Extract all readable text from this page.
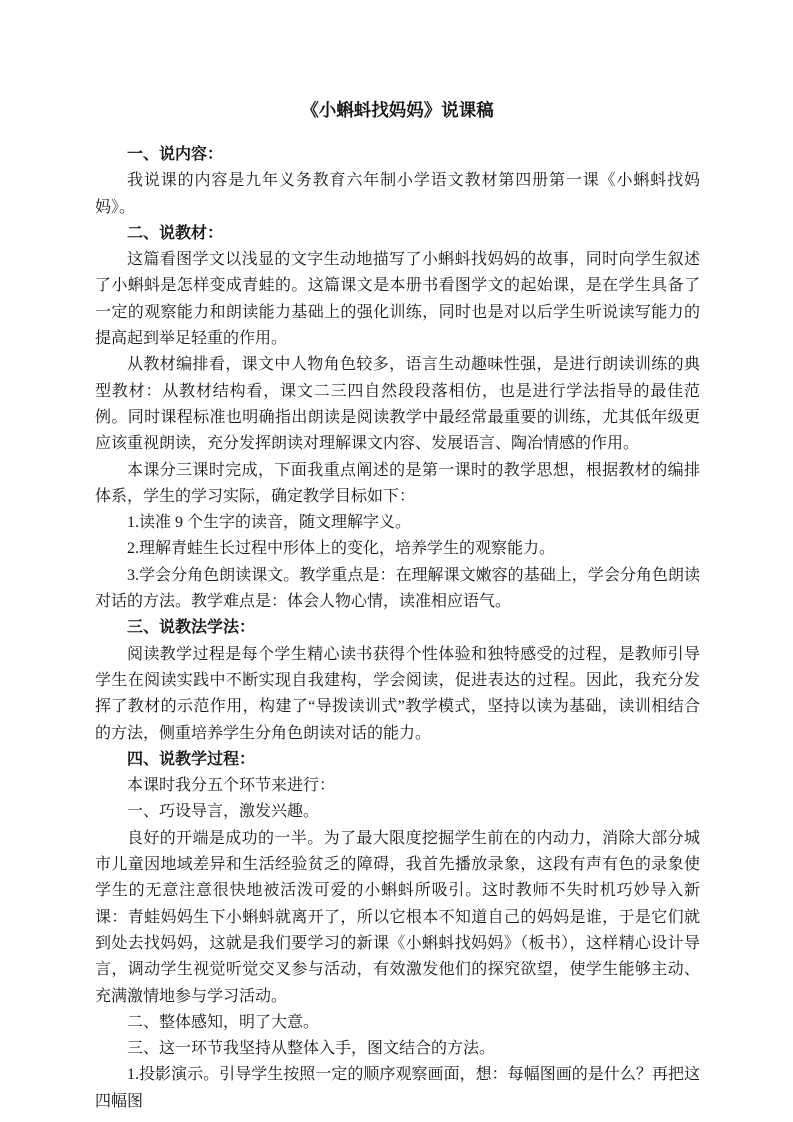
《小蝌蚪找妈妈》说课稿

一、说内容：

我说课的内容是九年义务教育六年制小学语文教材第四册第一课《小蝌蚪找妈妈》。

二、说教材：

这篇看图学文以浅显的文字生动地描写了小蝌蚪找妈妈的故事，同时向学生叙述了小蝌蚪是怎样变成青蛙的。这篇课文是本册书看图学文的起始课，是在学生具备了一定的观察能力和朗读能力基础上的强化训练，同时也是对以后学生听说读写能力的提高起到举足轻重的作用。

从教材编排看，课文中人物角色较多，语言生动趣味性强，是进行朗读训练的典型教材：从教材结构看，课文二三四自然段段落相仿，也是进行学法指导的最佳范例。同时课程标准也明确指出朗读是阅读教学中最经常最重要的训练，尤其低年级更应该重视朗读，充分发挥朗读对理解课文内容、发展语言、陶冶情感的作用。

本课分三课时完成，下面我重点阐述的是第一课时的教学思想，根据教材的编排体系，学生的学习实际，确定教学目标如下：

1.读准 9 个生字的读音，随文理解字义。

2.理解青蛙生长过程中形体上的变化，培养学生的观察能力。

3.学会分角色朗读课文。教学重点是：在理解课文嫩容的基础上，学会分角色朗读对话的方法。教学难点是：体会人物心情，读准相应语气。

三、说教法学法：

阅读教学过程是每个学生精心读书获得个性体验和独特感受的过程，是教师引导学生在阅读实践中不断实现自我建构，学会阅读，促进表达的过程。因此，我充分发挥了教材的示范作用，构建了“导拨读训式”教学模式，坚持以读为基础，读训相结合的方法，侧重培养学生分角色朗读对话的能力。

四、说教学过程：

本课时我分五个环节来进行：

一、巧设导言，激发兴趣。

良好的开端是成功的一半。为了最大限度挖掘学生前在的内动力，消除大部分城市儿童因地域差异和生活经验贫乏的障碍，我首先播放录象，这段有声有色的录象使学生的无意注意很快地被活泼可爱的小蝌蚪所吸引。这时教师不失时机巧妙导入新课：青蛙妈妈生下小蝌蚪就离开了，所以它根本不知道自己的妈妈是谁，于是它们就到处去找妈妈，这就是我们要学习的新课《小蝌蚪找妈妈》（板书），这样精心设计导言，调动学生视觉听觉交叉参与活动，有效激发他们的探究欲望，使学生能够主动、充满激情地参与学习活动。

二、整体感知，明了大意。

三、这一环节我坚持从整体入手，图文结合的方法。

1.投影演示。引导学生按照一定的顺序观察画面，想：每幅图画的是什么？再把这四幅图
